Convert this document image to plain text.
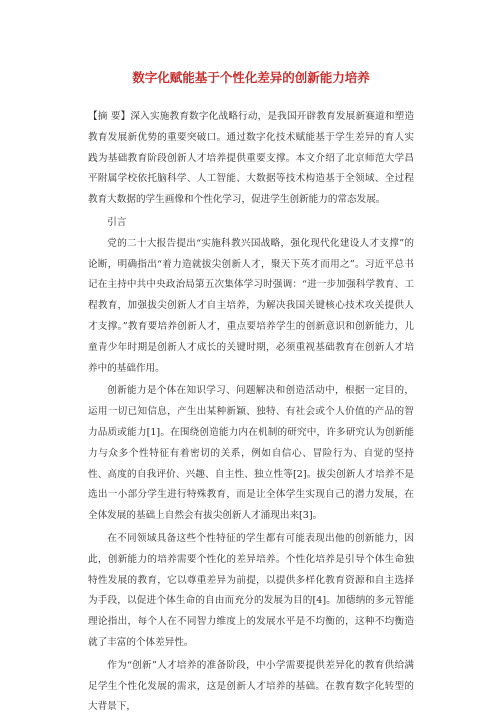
数字化赋能基于个性化差异的创新能力培养

【摘 要】深入实施教育数字化战略行动，是我国开辟教育发展新赛道和塑造教育发展新优势的重要突破口。通过数字化技术赋能基于学生差异的育人实践为基础教育阶段创新人才培养提供重要支撑。本文介绍了北京师范大学昌平附属学校依托脑科学、人工智能、大数据等技术构造基于全领域、全过程教育大数据的学生画像和个性化学习，促进学生创新能力的常态发展。

引言

党的二十大报告提出“实施科教兴国战略，强化现代化建设人才支撑”的论断，明确指出“着力造就拔尖创新人才，聚天下英才而用之”。习近平总书记在主持中共中央政治局第五次集体学习时强调：“进一步加强科学教育、工程教育，加强拔尖创新人才自主培养，为解决我国关键核心技术攻关提供人才支撑。”教育要培养创新人才，重点要培养学生的创新意识和创新能力，儿童青少年时期是创新人才成长的关键时期，必须重视基础教育在创新人才培养中的基础作用。

创新能力是个体在知识学习、问题解决和创造活动中，根据一定目的，运用一切已知信息，产生出某种新颖、独特、有社会或个人价值的产品的智力品质或能力[1]。在围绕创造能力内在机制的研究中，许多研究认为创新能力与众多个性特征有着密切的关系，例如自信心、冒险行为、自觉的坚持性、高度的自我评价、兴趣、自主性、独立性等[2]。拔尖创新人才培养不是选出一小部分学生进行特殊教育，而是让全体学生实现自己的潜力发展，在全体发展的基础上自然会有拔尖创新人才涌现出来[3]。

在不同领域具备这些个性特征的学生都有可能表现出他的创新能力，因此，创新能力的培养需要个性化的差异培养。个性化培养是引导个体生命独特性发展的教育，它以尊重差异为前提，以提供多样化教育资源和自主选择为手段，以促进个体生命的自由而充分的发展为目的[4]。加德纳的多元智能理论指出，每个人在不同智力维度上的发展水平是不均衡的，这种不均衡造就了丰富的个体差异性。

作为“创新”人才培养的准备阶段，中小学需要提供差异化的教育供给满足学生个性化发展的需求，这是创新人才培养的基础。在教育数字化转型的大背景下，
